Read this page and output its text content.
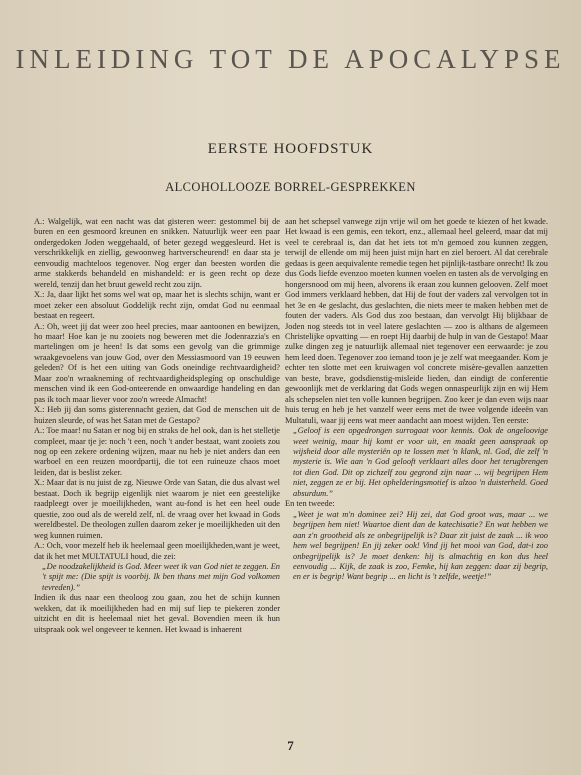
INLEIDING TOT DE APOCALYPSE
EERSTE HOOFDSTUK
ALCOHOLLOOZE BORREL-GESPREKKEN

A.: Walgelijk, wat een nacht was dat gisteren weer: gestommel bij de buren en een gesmoord kreunen en snikken. Natuurlijk weer een paar ondergedoken Joden weggehaald, of beter gezegd weggesleurd. Het is verschrikkelijk en ziellig, gewoonweg hartverscheurend! en daar sta je eenvoudig machteloos tegenover. Nog erger dan beesten worden die arme stakkerds behandeld en mishandeld: er is geen recht op deze wereld, tenzij dan het bruut geweld recht zou zijn.

X.: Ja, daar lijkt het soms wel wat op, maar het is slechts schijn, want er moet zeker een absoluut Goddelijk recht zijn, omdat God nu eenmaal bestaat en regeert.

A.: Oh, weet jij dat weer zoo heel precies, maar aantoonen en bewijzen, ho maar! Hoe kan je nu zooiets nog beweren met die Jodenrazzia's en martelingen om je heen! Is dat soms een gevolg van die grimmige wraakgevoelens van jouw God, over den Messiasmoord van 19 eeuwen geleden? Of is het een uiting van Gods oneindige rechtvaardigheid? Maar zoo'n wraakneming of rechtvaardigheidsplegíng op onschuldige menschen vind ik een God-onteerende en onwaardige handeling en dan pas ik toch maar liever voor zoo'n wreede Almacht!

X.: Heb jij dan soms gisterennacht gezien, dat God de menschen uit de huizen sleurde, of was het Satan met de Gestapo?

A.: Toe maar! nu Satan er nog bij en straks de hel ook, dan is het stelletje compleet, maar tje je: noch 't een, noch 't ander bestaat, want zooiets zou nog op een zekere ordening wijzen, maar nu heb je niet anders dan een warboel en een reuzen moordpartij, die tot een ruineuze chaos moet leiden, dat is beslist zeker.

X.: Maar dat is nu juist de zg. Nieuwe Orde van Satan, die dus alvast wel bestaat. Doch ik begrijp eigenlijk niet waarom je niet een geestelijke raadpleegt over je moeilijkheden, want au-fond is het een heel oude questie, zoo oud als de wereld zelf, nl. de vraag over het kwaad in Gods wereldbestel. De theologen zullen daarom zeker je moeilijkheden uit den weg kunnen ruimen.

A.: Och, voor mezelf heb ik heelemaal geen moeilijkheden,want je weet, dat ik het met MULTATULI houd, die zei:

„De noodzakelijkheid is God. Meer weet ik van God niet te zeggen. En 't spijt me: (Die spijt is voorbij. Ik ben thans met mijn God volkomen tevreden).”

Indien ik dus naar een theoloog zou gaan, zou het de schijn kunnen wekken, dat ik moeilijkheden had en mij suf liep te piekeren zonder uitzicht en dit is heelemaal niet het geval. Bovendien meen ik hun uitspraak ook wel ongeveer te kennen. Het kwaad is inhaerent

aan het schepsel vanwege zijn vrije wil om het goede te kiezen of het kwade. Het kwaad is een gemis, een tekort, enz., allemaal heel geleerd, maar dat mij veel te cerebraal is, dan dat het iets tot m'n gemoed zou kunnen zeggen, terwijl de ellende om mij heen juist mijn hart en ziel beroert. Al dat cerebrale gedaas is geen aequivalente remedie tegen het pijnlijk-tastbare onrecht! Ik zou dus Gods liefde evenzoo moeten kunnen voelen en tasten als de vervolging en hongersnood om mij heen, alvorens ik eraan zou kunnen gelooven. Zelf moet God immers verklaard hebben, dat Hij de fout der vaders zal vervolgen tot in het 3e en 4e geslacht, dus geslachten, die niets meer te maken hebben met de fouten der vaders. Als God dus zoo bestaan, dan vervolgt Hij blijkbaar de Joden nog steeds tot in veel latere geslachten — zoo is althans de algemeen Christelijke opvatting — en roept Hij daarbij de hulp in van de Gestapo! Maar zulke dingen zeg je natuurlijk allemaal niet tegenover een eerwaarde: je zou hem leed doen. Tegenover zoo iemand toon je je zelf wat meegaander. Kom je echter ten slotte met een kruiwagen vol concrete misère-gevallen aanzetten van beste, brave, godsdienstig-misleide lieden, dan eindigt de conferentie gewoonlijk met de verklaring dat Gods wegen onnaspeurlijk zijn en wij Hem als schepselen niet ten volle kunnen begrijpen. Zoo keer je dan even wijs naar huis terug en heb je het vanzelf weer eens met de twee volgende ideeën van Multatuli, waar jij eens wat meer aandacht aan moest wijden. Ten eerste:

„Geloof is een opgedrongen surrogaat voor kennis. Ook de ongeloovige weet weinig, maar hij komt er voor uit, en maakt geen aanspraak op wijsheid door alle mysteriën op te lossen met 'n klank, nl. God, die zelf 'n mysterie is. Wie aan 'n God gelooft verklaart alles door het terugbrengen tot dien God. Dit op zichzelf zou gegrond zijn naar ... wij begrijpen Hem niet, zeggen ze er bij. Het ophelderingsmotief is alzoo 'n duisterheld. Goed absurdum.”

En ten tweede:

„Weet je wat m'n dominee zei? Hij zei, dat God groot was, maar ... we begrijpen hem niet! Waartoe dient dan de katechisatie? En wat hebben we aan z'n grootheid als ze onbegrijpelijk is? Daar zit juist de zaak ... ik woo hem wel begrijpen! En jij zeker ook! Vind jij het mooi van God, dat-i zoo onbegrijpelijk is? Je moet denken: hij is almachtig en kon dus heel eenvoudig ... Kijk, de zaak is zoo, Femke, hij kan zeggen: daar zij begrip, en er is begrip! Want begrip ... en licht is 't zelfde, weetje!”

7
